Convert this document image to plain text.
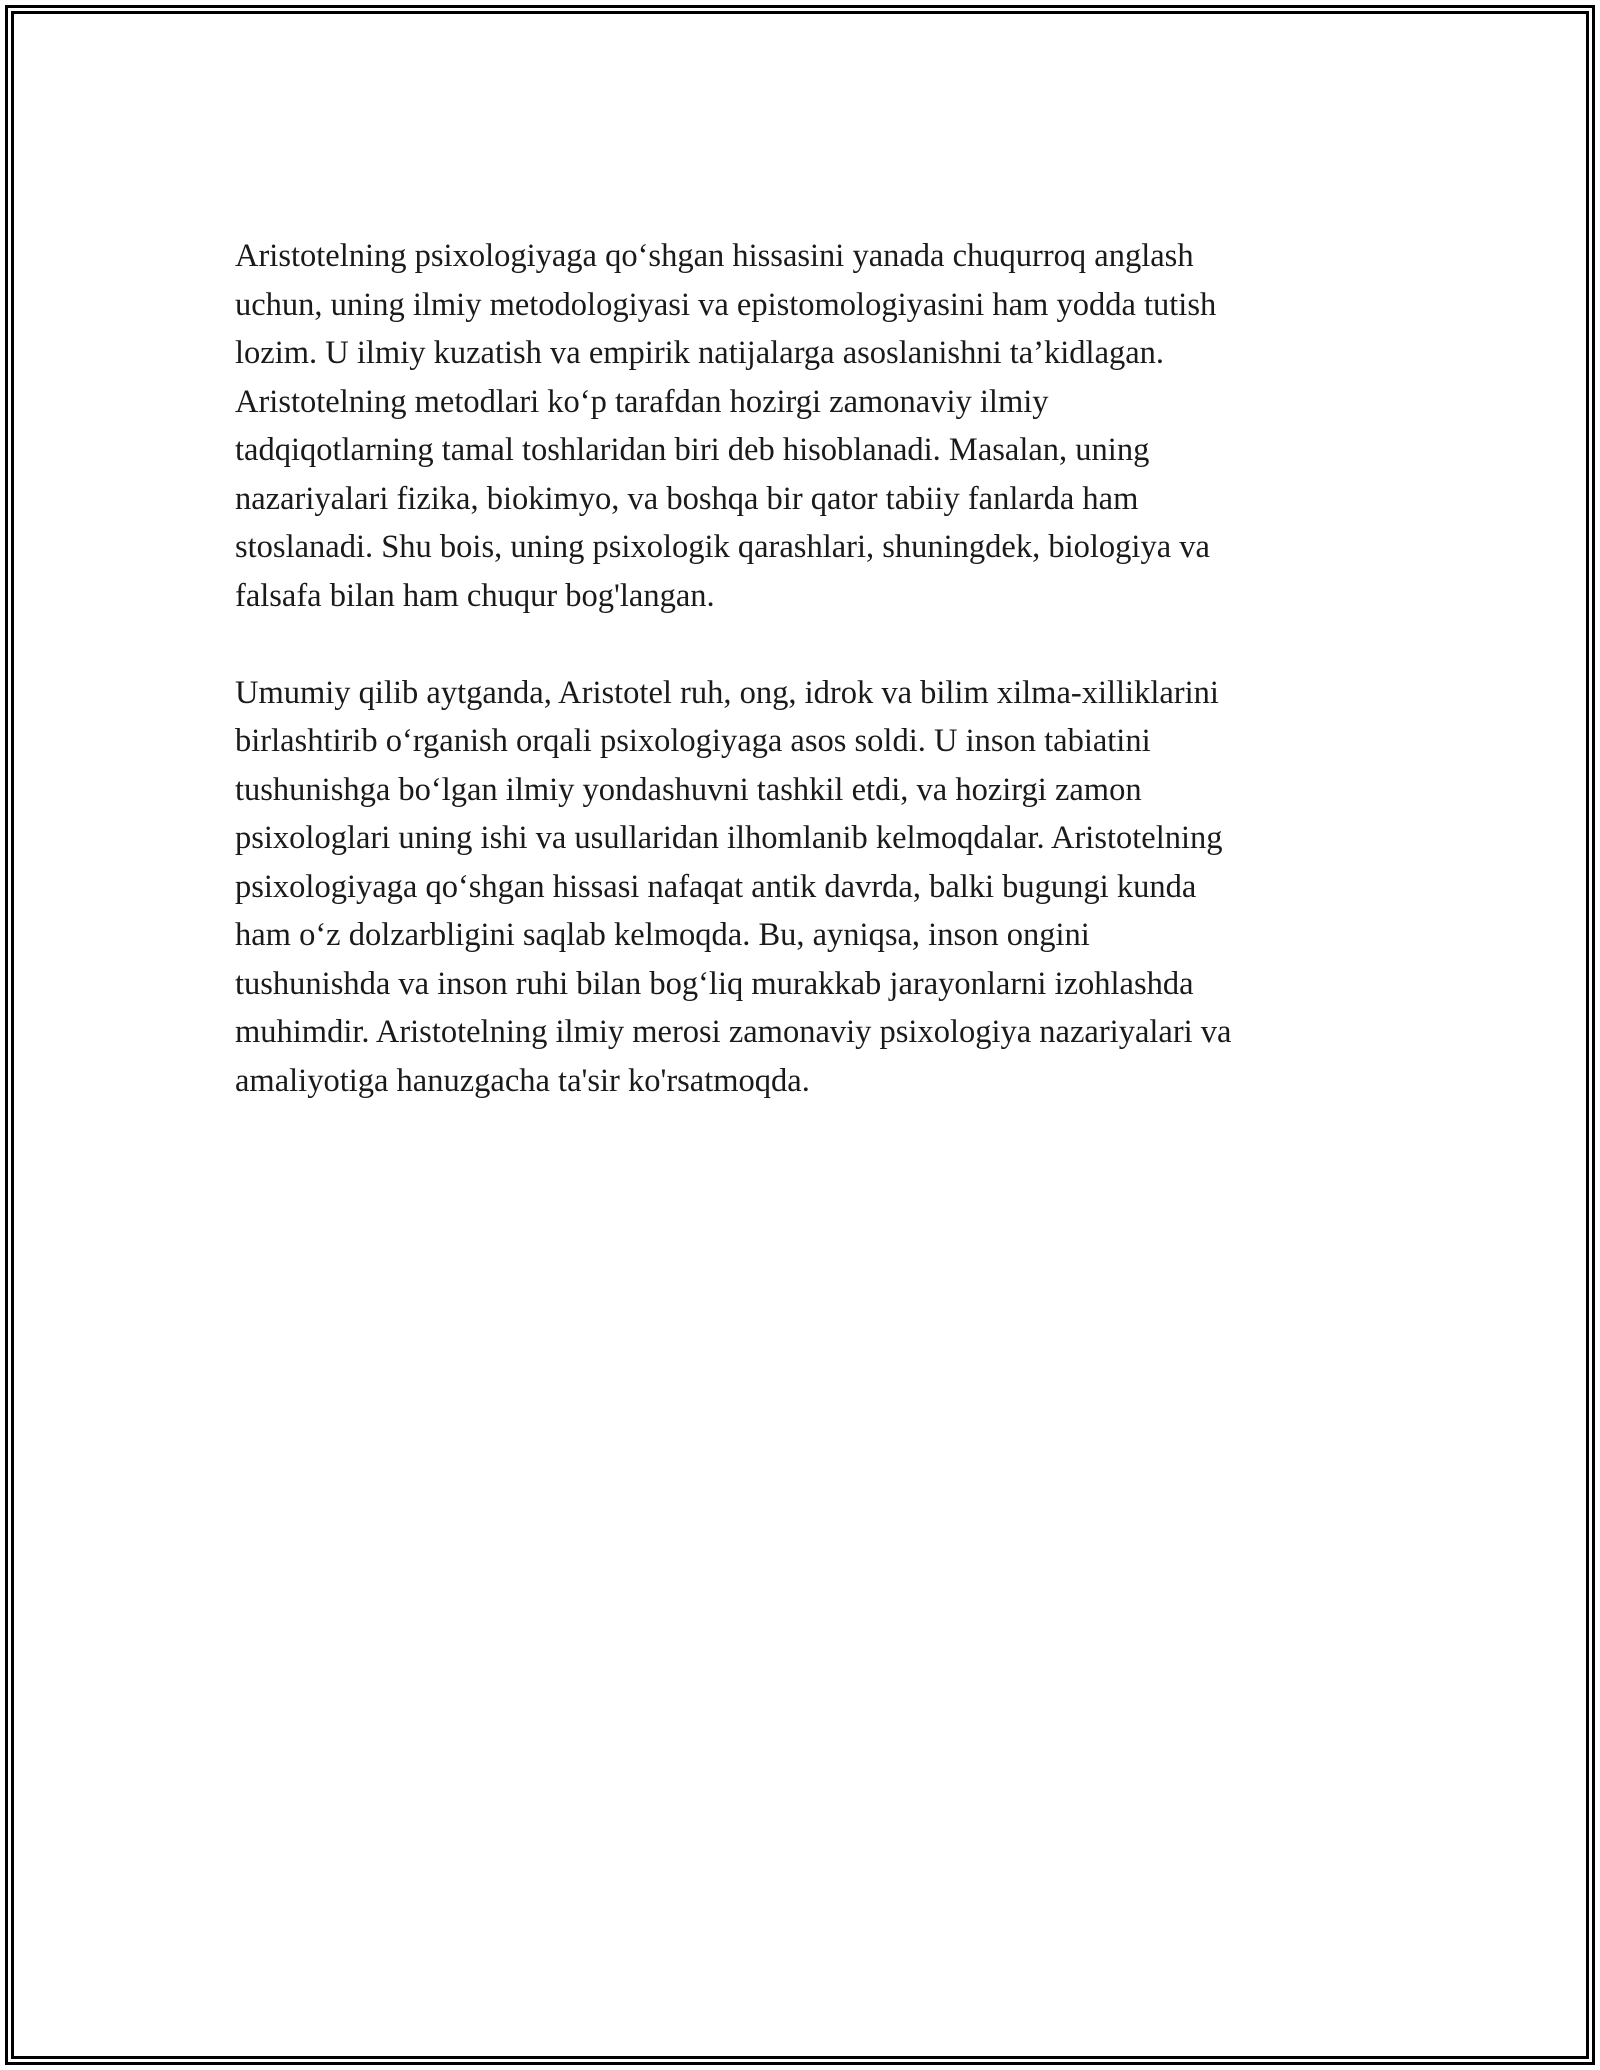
Aristotelning psixologiyaga qo‘shgan hissasini yanada chuqurroq anglash
uchun, uning ilmiy metodologiyasi va epistomologiyasini ham yodda tutish
lozim. U ilmiy kuzatish va empirik natijalarga asoslanishni ta’kidlagan.
Aristotelning metodlari ko‘p tarafdan hozirgi zamonaviy ilmiy
tadqiqotlarning tamal toshlaridan biri deb hisoblanadi. Masalan, uning
nazariyalari fizika, biokimyo, va boshqa bir qator tabiiy fanlarda ham
stoslanadi. Shu bois, uning psixologik qarashlari, shuningdek, biologiya va
falsafa bilan ham chuqur bog'langan.

Umumiy qilib aytganda, Aristotel ruh, ong, idrok va bilim xilma-xilliklarini
birlashtirib o‘rganish orqali psixologiyaga asos soldi. U inson tabiatini
tushunishga bo‘lgan ilmiy yondashuvni tashkil etdi, va hozirgi zamon
psixologlari uning ishi va usullaridan ilhomlanib kelmoqdalar. Aristotelning
psixologiyaga qo‘shgan hissasi nafaqat antik davrda, balki bugungi kunda
ham o‘z dolzarbligini saqlab kelmoqda. Bu, ayniqsa, inson ongini
tushunishda va inson ruhi bilan bog‘liq murakkab jarayonlarni izohlashda
muhimdir. Aristotelning ilmiy merosi zamonaviy psixologiya nazariyalari va
amaliyotiga hanuzgacha ta'sir ko'rsatmoqda.
